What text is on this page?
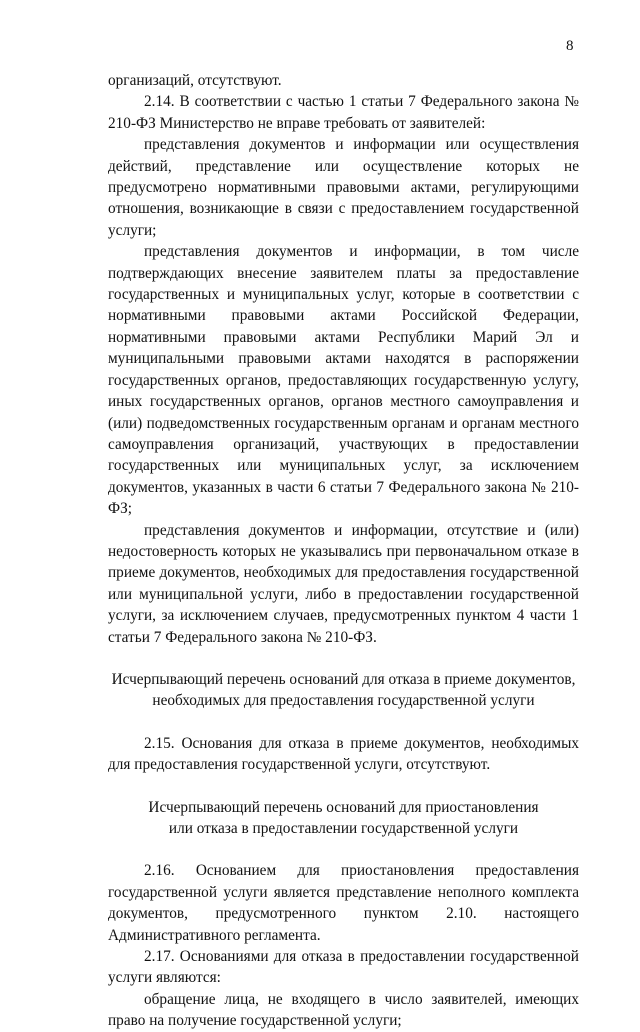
8

организаций, отсутствуют.

2.14. В соответствии с частью 1 статьи 7 Федерального закона № 210-ФЗ Министерство не вправе требовать от заявителей:

представления документов и информации или осуществления действий, представление или осуществление которых не предусмотрено нормативными правовыми актами, регулирующими отношения, возникающие в связи с предоставлением государственной услуги;

представления документов и информации, в том числе подтверждающих внесение заявителем платы за предоставление государственных и муниципальных услуг, которые в соответствии с нормативными правовыми актами Российской Федерации, нормативными правовыми актами Республики Марий Эл и муниципальными правовыми актами находятся в распоряжении государственных органов, предоставляющих государственную услугу, иных государственных органов, органов местного самоуправления и (или) подведомственных государственным органам и органам местного самоуправления организаций, участвующих в предоставлении государственных или муниципальных услуг, за исключением документов, указанных в части 6 статьи 7 Федерального закона № 210-ФЗ;

представления документов и информации, отсутствие и (или) недостоверность которых не указывались при первоначальном отказе в приеме документов, необходимых для предоставления государственной или муниципальной услуги, либо в предоставлении государственной услуги, за исключением случаев, предусмотренных пунктом 4 части 1 статьи 7 Федерального закона № 210-ФЗ.

Исчерпывающий перечень оснований для отказа в приеме документов,
необходимых для предоставления государственной услуги

2.15. Основания для отказа в приеме документов, необходимых для предоставления государственной услуги, отсутствуют.

Исчерпывающий перечень оснований для приостановления
или отказа в предоставлении государственной услуги

2.16. Основанием для приостановления предоставления государственной услуги является представление неполного комплекта документов, предусмотренного пунктом 2.10. настоящего Административного регламента.

2.17. Основаниями для отказа в предоставлении государственной услуги являются:

обращение лица, не входящего в число заявителей, имеющих право на получение государственной услуги;
